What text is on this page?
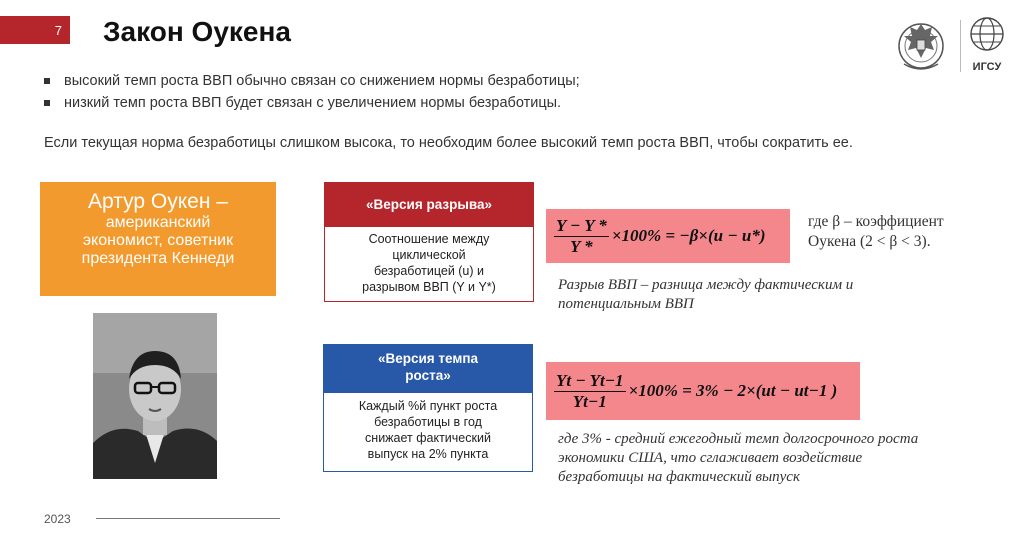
7 Закон Оукена
ИГСУ
высокий темп роста ВВП обычно связан со снижением нормы безработицы;
низкий темп роста ВВП будет связан с увеличением нормы безработицы.
Если текущая норма безработицы слишком высока, то необходим более высокий темп роста ВВП, чтобы сократить ее.
Артур Оукен –
американский
экономист, советник
президента Кеннеди
«Версия разрыва»
Соотношение между
циклической
безработицей (u) и
разрывом ВВП (Y и Y*)
«Версия темпа
роста»
Каждый %й пункт роста
безработицы в год
снижает фактический
выпуск на 2% пункта
$\frac{Y - Y *}{Y *} \times 100\% = -\beta\times(u - u*)$
где β – коэффициент
Оукена (2 < β < 3).
Разрыв ВВП – разница между фактическим и
потенциальным ВВП
$\frac{Yt - Yt-1}{Yt-1} \times 100\% = 3\% - 2\times(ut - ut-1$ )
где 3% - средний ежегодный темп долгосрочного роста
экономики США, что сглаживает воздействие
безработицы на фактический выпуск
2023
